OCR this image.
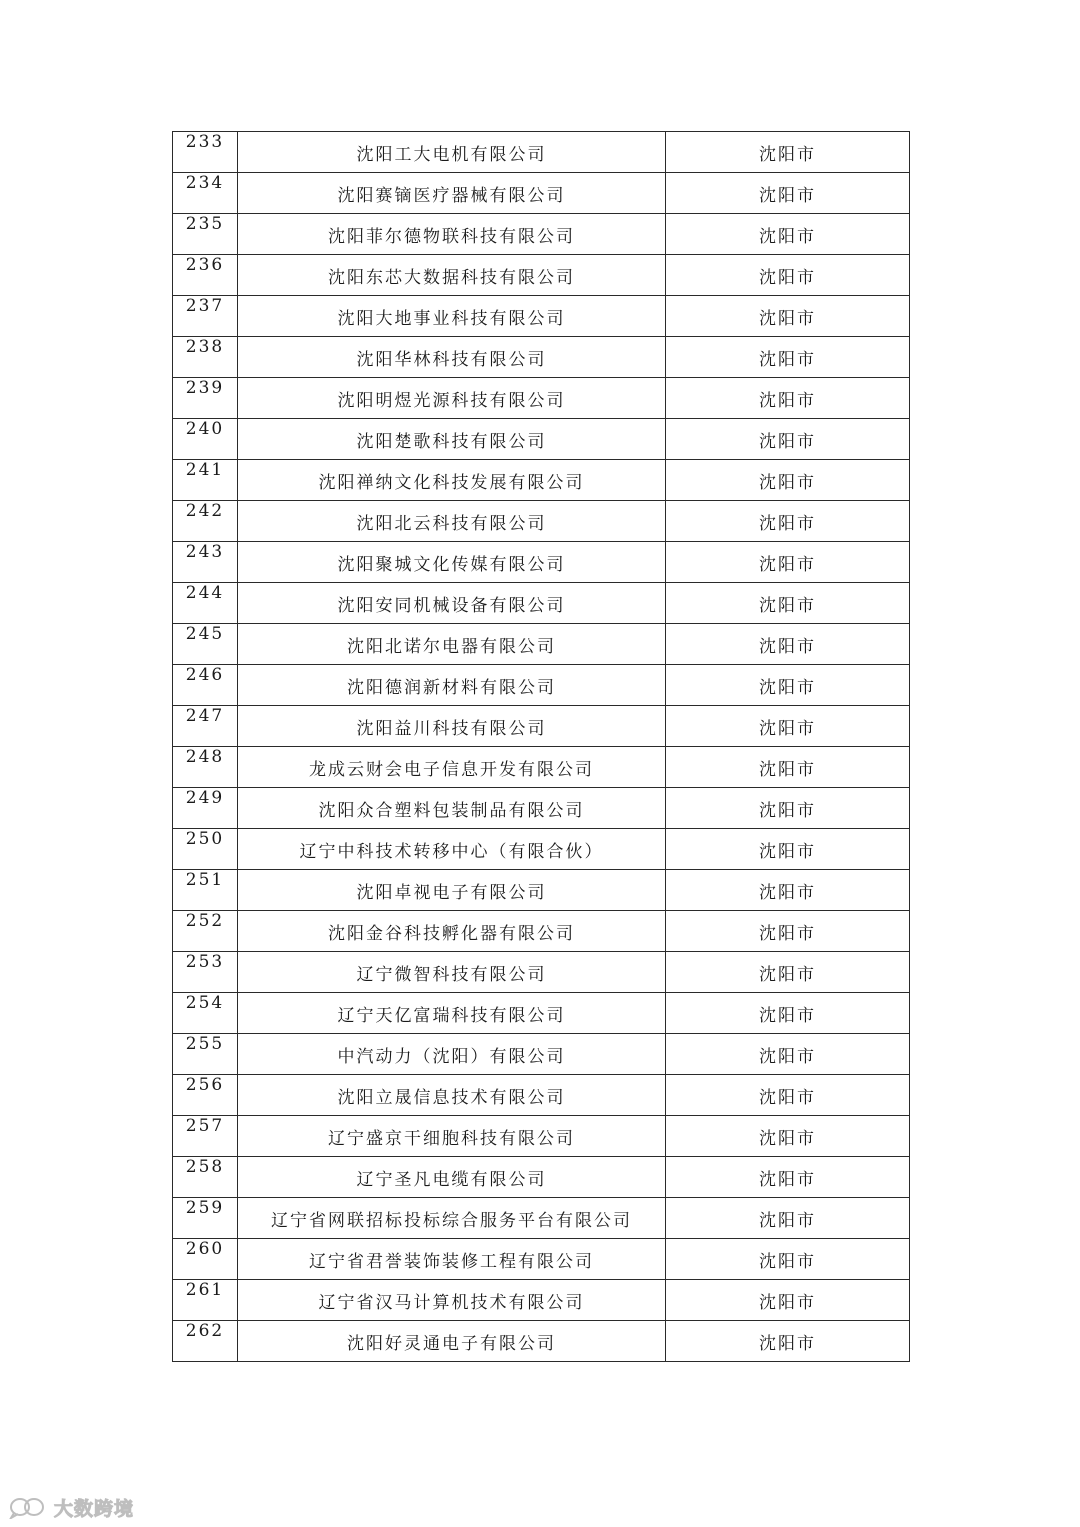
233	沈阳工大电机有限公司	沈阳市
234	沈阳赛镝医疗器械有限公司	沈阳市
235	沈阳菲尔德物联科技有限公司	沈阳市
236	沈阳东芯大数据科技有限公司	沈阳市
237	沈阳大地事业科技有限公司	沈阳市
238	沈阳华林科技有限公司	沈阳市
239	沈阳明煜光源科技有限公司	沈阳市
240	沈阳楚歌科技有限公司	沈阳市
241	沈阳禅纳文化科技发展有限公司	沈阳市
242	沈阳北云科技有限公司	沈阳市
243	沈阳聚城文化传媒有限公司	沈阳市
244	沈阳安同机械设备有限公司	沈阳市
245	沈阳北诺尔电器有限公司	沈阳市
246	沈阳德润新材料有限公司	沈阳市
247	沈阳益川科技有限公司	沈阳市
248	龙成云财会电子信息开发有限公司	沈阳市
249	沈阳众合塑料包装制品有限公司	沈阳市
250	辽宁中科技术转移中心（有限合伙）	沈阳市
251	沈阳卓视电子有限公司	沈阳市
252	沈阳金谷科技孵化器有限公司	沈阳市
253	辽宁微智科技有限公司	沈阳市
254	辽宁天亿富瑞科技有限公司	沈阳市
255	中汽动力（沈阳）有限公司	沈阳市
256	沈阳立晟信息技术有限公司	沈阳市
257	辽宁盛京干细胞科技有限公司	沈阳市
258	辽宁圣凡电缆有限公司	沈阳市
259	辽宁省网联招标投标综合服务平台有限公司	沈阳市
260	辽宁省君誉装饰装修工程有限公司	沈阳市
261	辽宁省汉马计算机技术有限公司	沈阳市
262	沈阳好灵通电子有限公司	沈阳市
大数跨境
